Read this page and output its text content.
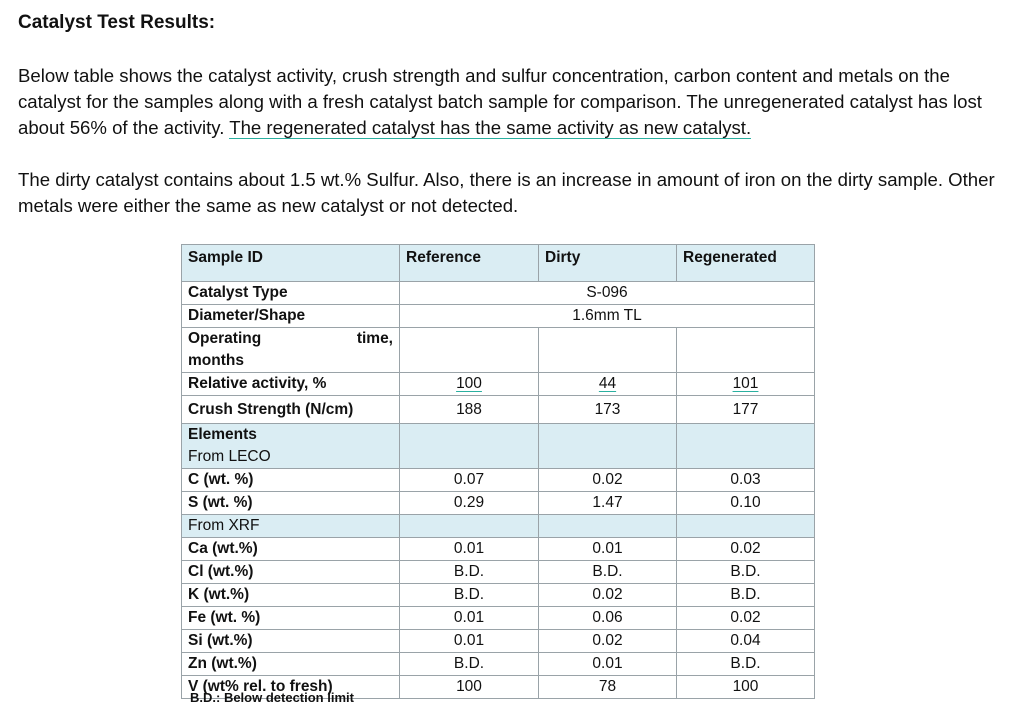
Catalyst Test Results:

Below table shows the catalyst activity, crush strength and sulfur concentration, carbon content and metals on the catalyst for the samples along with a fresh catalyst batch sample for comparison. The unregenerated catalyst has lost about 56% of the activity. The regenerated catalyst has the same activity as new catalyst.

The dirty catalyst contains about 1.5 wt.% Sulfur. Also, there is an increase in amount of iron on the dirty sample. Other metals were either the same as new catalyst or not detected.

Sample ID	Reference	Dirty	Regenerated
Catalyst Type	S-096		
Diameter/Shape	1.6mm TL		

Operating time,
months			

Relative activity, %	100	44	101
Crush Strength (N/cm)	188	173	177

Elements
From LECO			

C (wt. %)	0.07	0.02	0.03
S (wt. %)	0.29	1.47	0.10
From XRF			
Ca (wt.%)	0.01	0.01	0.02
Cl (wt.%)	B.D.	B.D.	B.D.
K (wt.%)	B.D.	0.02	B.D.
Fe (wt. %)	0.01	0.06	0.02
Si (wt.%)	0.01	0.02	0.04
Zn (wt.%)	B.D.	0.01	B.D.
V (wt% rel. to fresh)	100	78	100

B.D.: Below detection limit
